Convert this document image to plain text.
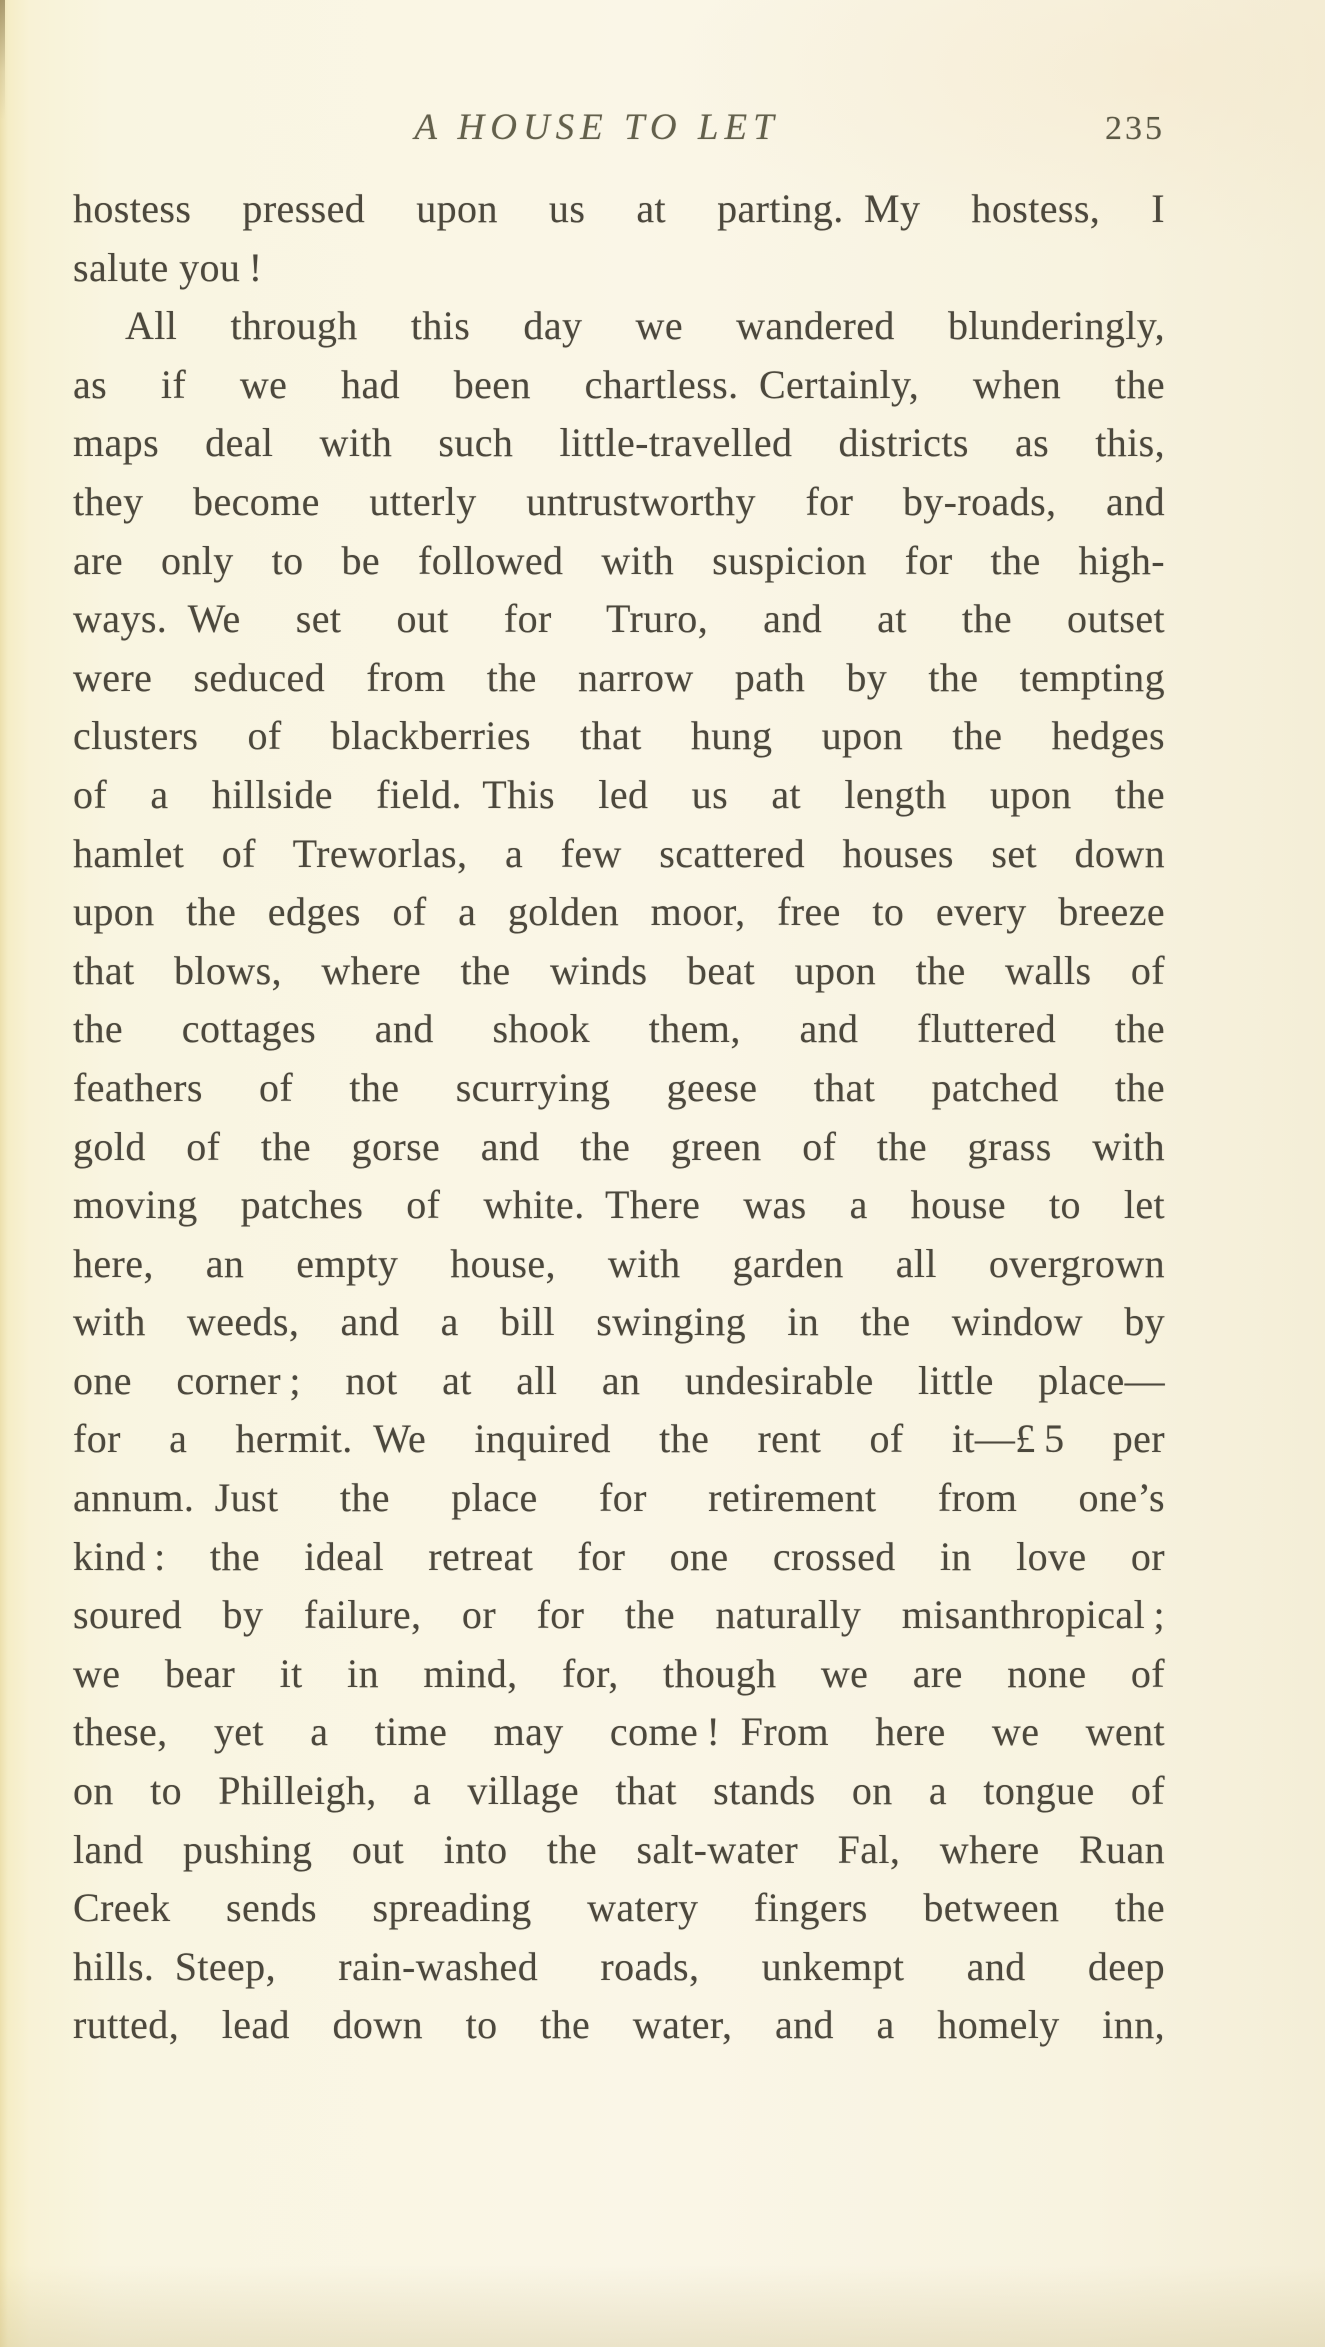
A HOUSE TO LET	235
hostess pressed upon us at parting. My hostess, I
salute you !
All through this day we wandered blunderingly,
as if we had been chartless. Certainly, when the
maps deal with such little-travelled districts as this,
they become utterly untrustworthy for by-roads, and
are only to be followed with suspicion for the high-
ways. We set out for Truro, and at the outset
were seduced from the narrow path by the tempting
clusters of blackberries that hung upon the hedges
of a hillside field. This led us at length upon the
hamlet of Treworlas, a few scattered houses set down
upon the edges of a golden moor, free to every breeze
that blows, where the winds beat upon the walls of
the cottages and shook them, and fluttered the
feathers of the scurrying geese that patched the
gold of the gorse and the green of the grass with
moving patches of white. There was a house to let
here, an empty house, with garden all overgrown
with weeds, and a bill swinging in the window by
one corner ; not at all an undesirable little place—
for a hermit. We inquired the rent of it—£ 5 per
annum. Just the place for retirement from one’s
kind : the ideal retreat for one crossed in love or
soured by failure, or for the naturally misanthropical ;
we bear it in mind, for, though we are none of
these, yet a time may come ! From here we went
on to Philleigh, a village that stands on a tongue of
land pushing out into the salt-water Fal, where Ruan
Creek sends spreading watery fingers between the
hills. Steep, rain-washed roads, unkempt and deep
rutted, lead down to the water, and a homely inn,
